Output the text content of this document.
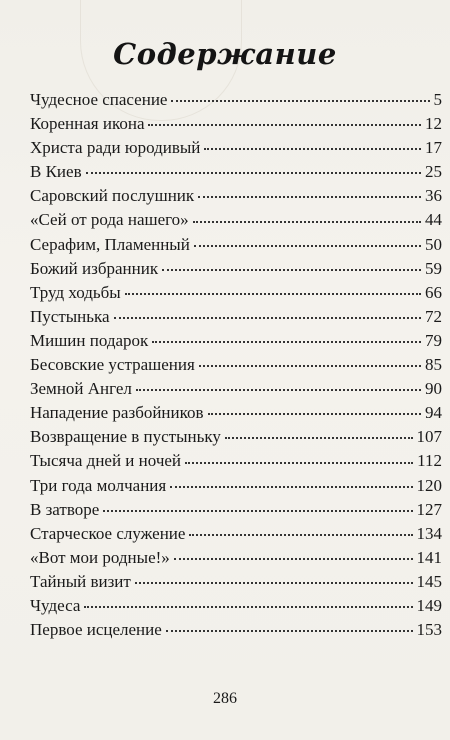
Содержание
Чудесное спасение	5
Коренная икона	12
Христа ради юродивый	17
В Киев	25
Саровский послушник	36
«Сей от рода нашего»	44
Серафим, Пламенный	50
Божий избранник	59
Труд ходьбы	66
Пустынька	72
Мишин подарок	79
Бесовские устрашения	85
Земной Ангел	90
Нападение разбойников	94
Возвращение в пустыньку	107
Тысяча дней и ночей	112
Три года молчания	120
В затворе	127
Старческое служение	134
«Вот мои родные!»	141
Тайный визит	145
Чудеса	149
Первое исцеление	153
286
